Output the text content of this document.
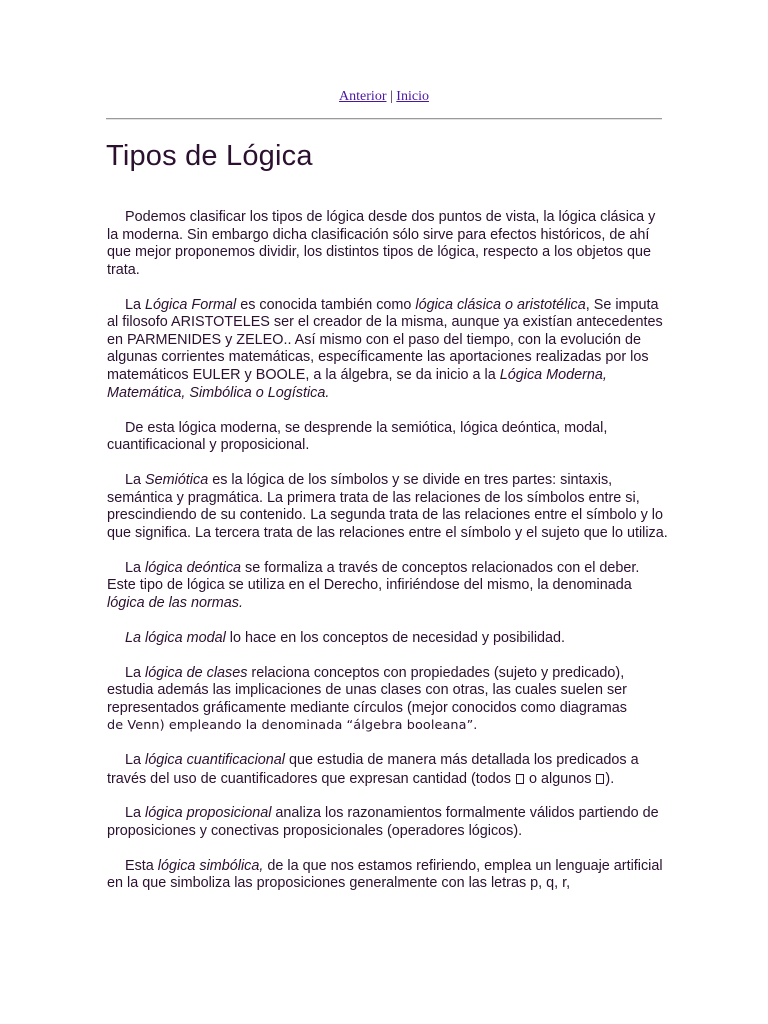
Anterior | Inicio
Tipos de Lógica

Podemos clasificar los tipos de lógica desde dos puntos de vista, la lógica clásica y la moderna. Sin embargo dicha clasificación sólo sirve para efectos históricos, de ahí que mejor proponemos dividir, los distintos tipos de lógica, respecto a los objetos que trata.

La Lógica Formal es conocida también como lógica clásica o aristotélica, Se imputa al filosofo ARISTOTELES ser el creador de la misma, aunque ya existían antecedentes en PARMENIDES y ZELEO.. Así mismo con el paso del tiempo, con la evolución de algunas corrientes matemáticas, específicamente las aportaciones realizadas por los matemáticos EULER y BOOLE, a la álgebra, se da inicio a la Lógica Moderna, Matemática, Simbólica o Logística.

De esta lógica moderna, se desprende la semiótica, lógica deóntica, modal, cuantificacional y proposicional.

La Semiótica es la lógica de los símbolos y se divide en tres partes: sintaxis, semántica y pragmática. La primera trata de las relaciones de los símbolos entre si, prescindiendo de su contenido. La segunda trata de las relaciones entre el símbolo y lo que significa. La tercera trata de las relaciones entre el símbolo y el sujeto que lo utiliza.

La lógica deóntica se formaliza a través de conceptos relacionados con el deber. Este tipo de lógica se utiliza en el Derecho, infiriéndose del mismo, la denominada lógica de las normas.

La lógica modal lo hace en los conceptos de necesidad y posibilidad.

La lógica de clases relaciona conceptos con propiedades (sujeto y predicado), estudia además las implicaciones de unas clases con otras, las cuales suelen ser representados gráficamente mediante círculos (mejor conocidos como diagramas
de Venn) empleando la denominada “álgebra booleana”.

La lógica cuantificacional que estudia de manera más detallada los predicados a través del uso de cuantificadores que expresan cantidad (todos  o algunos ).

La lógica proposicional analiza los razonamientos formalmente válidos partiendo de proposiciones y conectivas proposicionales (operadores lógicos).

Esta lógica simbólica, de la que nos estamos refiriendo, emplea un lenguaje artificial en la que simboliza las proposiciones generalmente con las letras p, q, r,
